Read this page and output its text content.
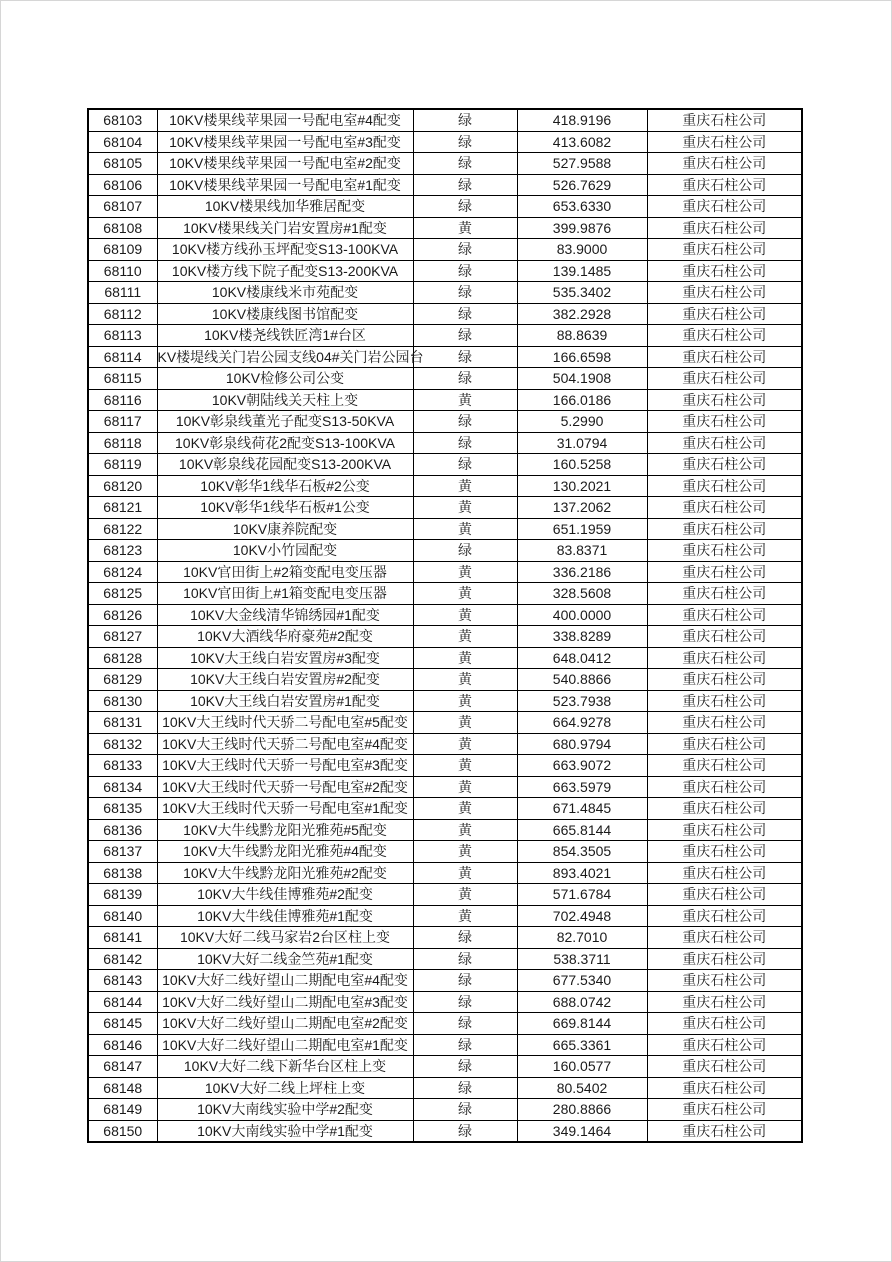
68103	10KV楼果线苹果园一号配电室#4配变	绿	418.9196	重庆石柱公司
68104	10KV楼果线苹果园一号配电室#3配变	绿	413.6082	重庆石柱公司
68105	10KV楼果线苹果园一号配电室#2配变	绿	527.9588	重庆石柱公司
68106	10KV楼果线苹果园一号配电室#1配变	绿	526.7629	重庆石柱公司
68107	10KV楼果线加华雅居配变	绿	653.6330	重庆石柱公司
68108	10KV楼果线关门岩安置房#1配变	黄	399.9876	重庆石柱公司
68109	10KV楼方线孙玉坪配变S13-100KVA	绿	83.9000	重庆石柱公司
68110	10KV楼方线下院子配变S13-200KVA	绿	139.1485	重庆石柱公司
68111	10KV楼康线米市苑配变	绿	535.3402	重庆石柱公司
68112	10KV楼康线图书馆配变	绿	382.2928	重庆石柱公司
68113	10KV楼尧线铁匠湾1#台区	绿	88.8639	重庆石柱公司
68114	KV楼堤线关门岩公园支线04#关门岩公园台	绿	166.6598	重庆石柱公司
68115	10KV检修公司公变	绿	504.1908	重庆石柱公司
68116	10KV朝陆线关天柱上变	黄	166.0186	重庆石柱公司
68117	10KV彰泉线董光子配变S13-50KVA	绿	5.2990	重庆石柱公司
68118	10KV彰泉线荷花2配变S13-100KVA	绿	31.0794	重庆石柱公司
68119	10KV彰泉线花园配变S13-200KVA	绿	160.5258	重庆石柱公司
68120	10KV彰华1线华石板#2公变	黄	130.2021	重庆石柱公司
68121	10KV彰华1线华石板#1公变	黄	137.2062	重庆石柱公司
68122	10KV康养院配变	黄	651.1959	重庆石柱公司
68123	10KV小竹园配变	绿	83.8371	重庆石柱公司
68124	10KV官田街上#2箱变配电变压器	黄	336.2186	重庆石柱公司
68125	10KV官田街上#1箱变配电变压器	黄	328.5608	重庆石柱公司
68126	10KV大金线清华锦绣园#1配变	黄	400.0000	重庆石柱公司
68127	10KV大酒线华府豪苑#2配变	黄	338.8289	重庆石柱公司
68128	10KV大王线白岩安置房#3配变	黄	648.0412	重庆石柱公司
68129	10KV大王线白岩安置房#2配变	黄	540.8866	重庆石柱公司
68130	10KV大王线白岩安置房#1配变	黄	523.7938	重庆石柱公司
68131	10KV大王线时代天骄二号配电室#5配变	黄	664.9278	重庆石柱公司
68132	10KV大王线时代天骄二号配电室#4配变	黄	680.9794	重庆石柱公司
68133	10KV大王线时代天骄一号配电室#3配变	黄	663.9072	重庆石柱公司
68134	10KV大王线时代天骄一号配电室#2配变	黄	663.5979	重庆石柱公司
68135	10KV大王线时代天骄一号配电室#1配变	黄	671.4845	重庆石柱公司
68136	10KV大牛线黔龙阳光雅苑#5配变	黄	665.8144	重庆石柱公司
68137	10KV大牛线黔龙阳光雅苑#4配变	黄	854.3505	重庆石柱公司
68138	10KV大牛线黔龙阳光雅苑#2配变	黄	893.4021	重庆石柱公司
68139	10KV大牛线佳博雅苑#2配变	黄	571.6784	重庆石柱公司
68140	10KV大牛线佳博雅苑#1配变	黄	702.4948	重庆石柱公司
68141	10KV大好二线马家岩2台区柱上变	绿	82.7010	重庆石柱公司
68142	10KV大好二线金竺苑#1配变	绿	538.3711	重庆石柱公司
68143	10KV大好二线好望山二期配电室#4配变	绿	677.5340	重庆石柱公司
68144	10KV大好二线好望山二期配电室#3配变	绿	688.0742	重庆石柱公司
68145	10KV大好二线好望山二期配电室#2配变	绿	669.8144	重庆石柱公司
68146	10KV大好二线好望山二期配电室#1配变	绿	665.3361	重庆石柱公司
68147	10KV大好二线下新华台区柱上变	绿	160.0577	重庆石柱公司
68148	10KV大好二线上坪柱上变	绿	80.5402	重庆石柱公司
68149	10KV大南线实验中学#2配变	绿	280.8866	重庆石柱公司
68150	10KV大南线实验中学#1配变	绿	349.1464	重庆石柱公司
